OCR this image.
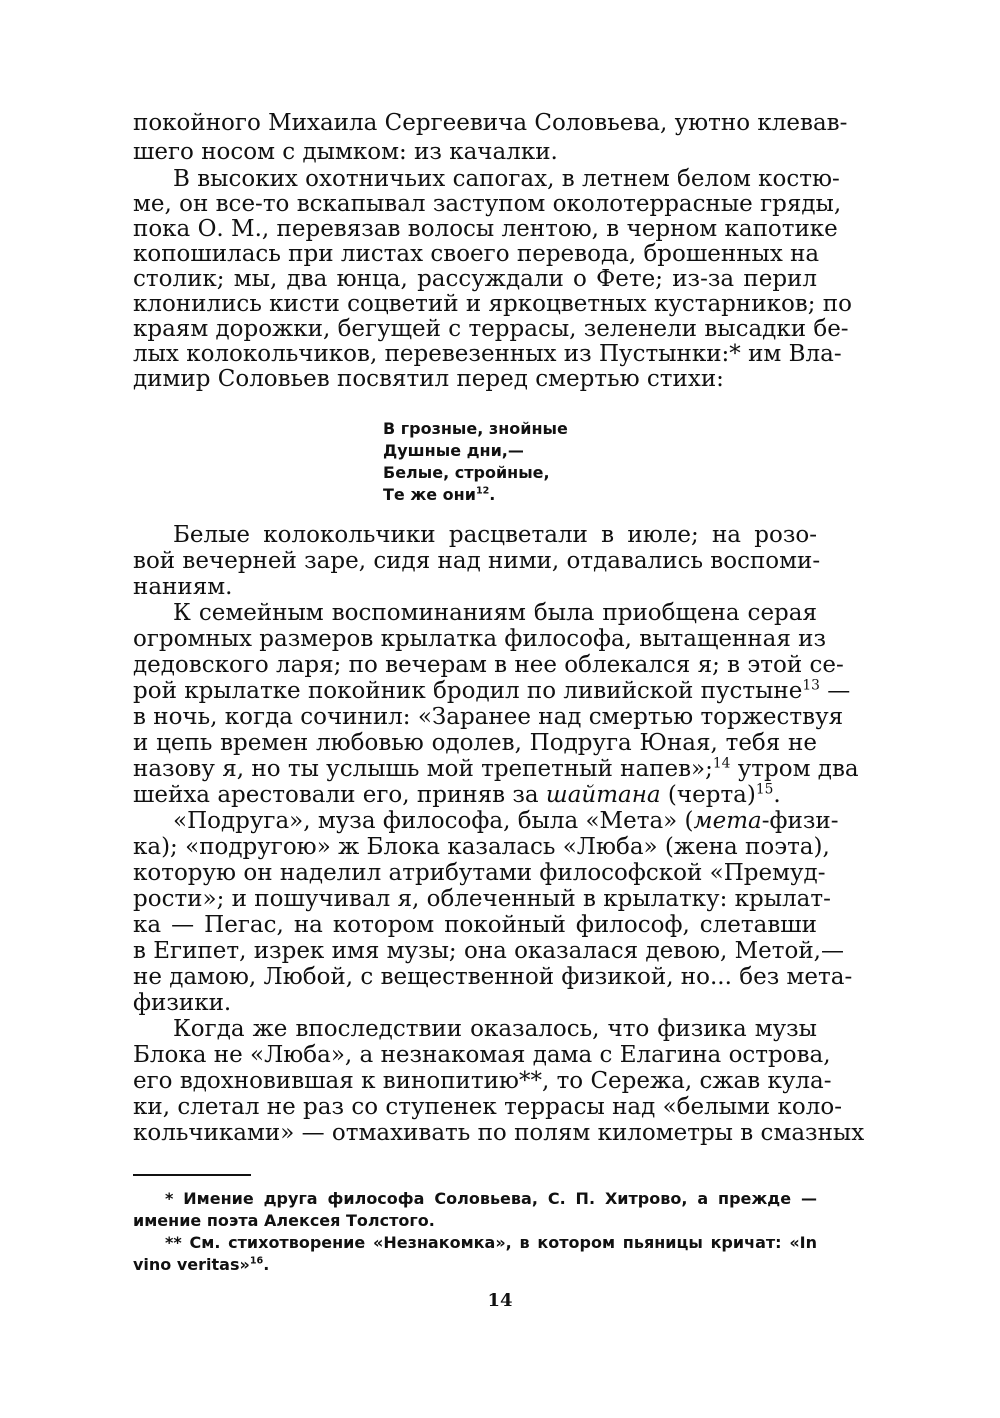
покойного Михаила Сергеевича Соловьева, уютно клевав-
шего носом с дымком: из качалки.
В высоких охотничьих сапогах, в летнем белом костю-
ме, он все-то вскапывал заступом околотеррасные гряды,
пока О. М., перевязав волосы лентою, в черном капотике
копошилась при листах своего перевода, брошенных на
столик; мы, два юнца, рассуждали о Фете; из-за перил
клонились кисти соцветий и яркоцветных кустарников; по
краям дорожки, бегущей с террасы, зеленели высадки бе-
лых колокольчиков, перевезенных из Пустынки:* им Вла-
димир Соловьев посвятил перед смертью стихи:
В грозные, знойные
Душные дни,—
Белые, стройные,
Те же они$^{12}$.
Белые колокольчики расцветали в июле; на розо-
вой вечерней заре, сидя над ними, отдавались воспоми-
наниям.
К семейным воспоминаниям была приобщена серая
огромных размеров крылатка философа, вытащенная из
дедовского ларя; по вечерам в нее облекался я; в этой се-
рой крылатке покойник бродил по ливийской пустыне$^{13}$ —
в ночь, когда сочинил: «Заранее над смертью торжествуя
и цепь времен любовью одолев, Подруга Юная, тебя не
назову я, но ты услышь мой трепетный напев»;$^{14}$ утром два
шейха арестовали его, приняв за шайтана (черта)$^{15}$.
«Подруга», муза философа, была «Мета» (мета-физи-
ка); «подругою» ж Блока казалась «Люба» (жена поэта),
которую он наделил атрибутами философской «Премуд-
рости»; и пошучивал я, облеченный в крылатку: крылат-
ка — Пегас, на котором покойный философ, слетавши
в Египет, изрек имя музы; она оказалася девою, Метой,—
не дамою, Любой, с вещественной физикой, но... без мета-
физики.
Когда же впоследствии оказалось, что физика музы
Блока не «Люба», а незнакомая дама с Елагина острова,
его вдохновившая к винопитию**, то Сережа, сжав кула-
ки, слетал не раз со ступенек террасы над «белыми коло-
кольчиками» — отмахивать по полям километры в смазных
* Имение друга философа Соловьева, С. П. Хитрово, а прежде —
имение поэта Алексея Толстого.
** См. стихотворение «Незнакомка», в котором пьяницы кричат: «In
vino veritas»$^{16}$.
14
